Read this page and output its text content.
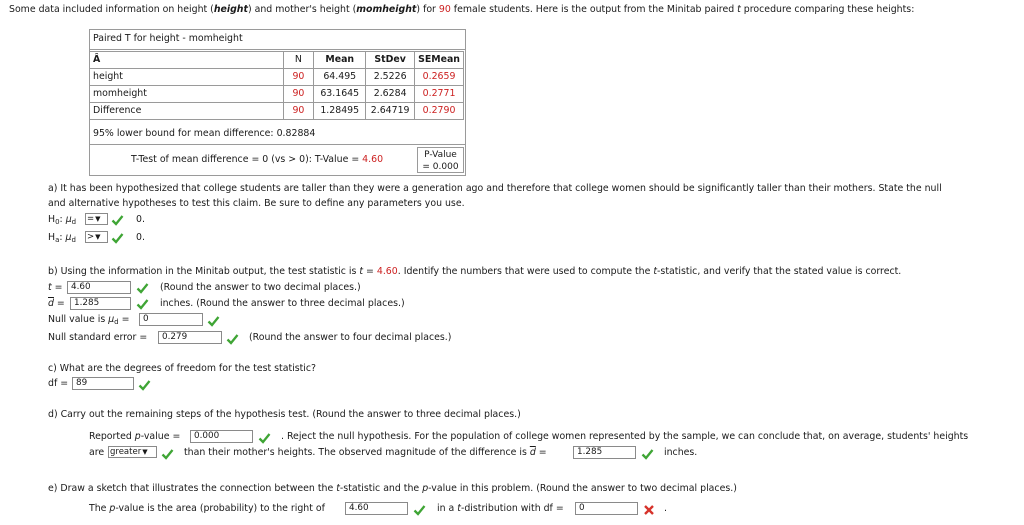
Some data included information on height (height) and mother's height (momheight) for 90 female students. Here is the output from the Minitab paired t procedure comparing these heights:
Paired T for height - momheight
Â	N	Mean	StDev	SEMean
height	90	64.495	2.5226	0.2659
momheight	90	63.1645	2.6284	0.2771
Difference	90	1.28495	2.64719	0.2790
95% lower bound for mean difference: 0.82884
T-Test of mean difference = 0 (vs > 0): T-Value = 4.60	P-Value
= 0.000
a) It has been hypothesized that college students are taller than they were a generation ago and therefore that college women should be significantly taller than their mothers. State the null
and alternative hypotheses to test this claim. Be sure to define any parameters you use.
$H_0$: $\mu_d$ =▼	0.
$H_a$: $\mu_d$ >▼	0.
b) Using the information in the Minitab output, the test statistic is t = 4.60. Identify the numbers that were used to compute the t-statistic, and verify that the stated value is correct.
t = 4.60	(Round the answer to two decimal places.)
$\overline{d}$ =	1.285	inches. (Round the answer to three decimal places.)
Null value is $\mu_d$ =	0
Null standard error =	0.279	(Round the answer to four decimal places.)
c) What are the degrees of freedom for the test statistic?
df = 89
d) Carry out the remaining steps of the hypothesis test. (Round the answer to three decimal places.)
Reported p-value =	0.000	. Reject the null hypothesis. For the population of college women represented by the sample, we can conclude that, on average, students' heights
are greater▼	than their mother's heights. The observed magnitude of the difference is $\overline{d}$ =	1.285	inches.
e) Draw a sketch that illustrates the connection between the t-statistic and the p-value in this problem. (Round the answer to two decimal places.)
The p-value is the area (probability) to the right of	4.60	in a t-distribution with df =	0	.
